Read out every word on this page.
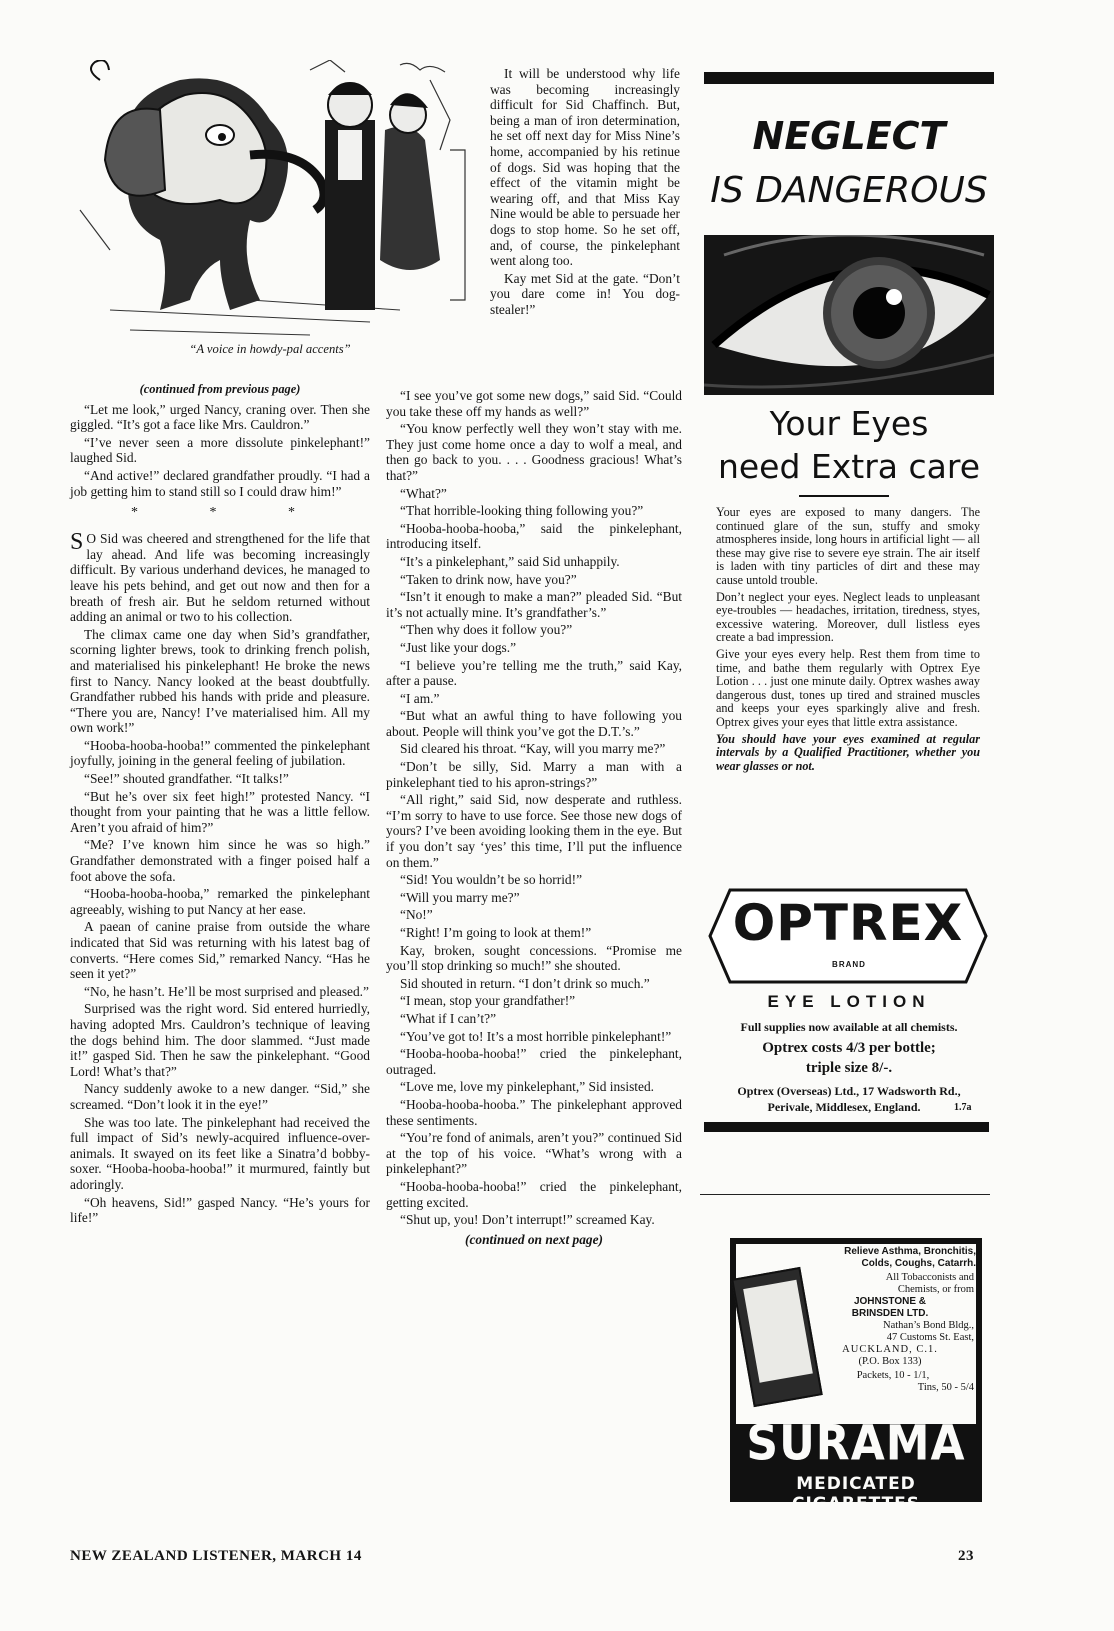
“A voice in howdy-pal accents”

(continued from previous page)

“Let me look,” urged Nancy, craning over. Then she giggled. “It’s got a face like Mrs. Cauldron.”

“I’ve never seen a more dissolute pinkelephant!” laughed Sid.

“And active!” declared grandfather proudly. “I had a job getting him to stand still so I could draw him!”

* * *

S O Sid was cheered and strengthened for the life that lay ahead. And life was becoming increasingly difficult. By various underhand devices, he managed to leave his pets behind, and get out now and then for a breath of fresh air. But he seldom returned without adding an animal or two to his collection.

The climax came one day when Sid’s grandfather, scorning lighter brews, took to drinking french polish, and materialised his pinkelephant! He broke the news first to Nancy. Nancy looked at the beast doubtfully. Grandfather rubbed his hands with pride and pleasure. “There you are, Nancy! I’ve materialised him. All my own work!”

“Hooba-hooba-hooba!” commented the pinkelephant joyfully, joining in the general feeling of jubilation.

“See!” shouted grandfather. “It talks!”

“But he’s over six feet high!” protested Nancy. “I thought from your painting that he was a little fellow. Aren’t you afraid of him?”

“Me? I’ve known him since he was so high.” Grandfather demonstrated with a finger poised half a foot above the sofa.

“Hooba-hooba-hooba,” remarked the pinkelephant agreeably, wishing to put Nancy at her ease.

A paean of canine praise from outside the whare indicated that Sid was returning with his latest bag of converts. “Here comes Sid,” remarked Nancy. “Has he seen it yet?”

“No, he hasn’t. He’ll be most surprised and pleased.”

Surprised was the right word. Sid entered hurriedly, having adopted Mrs. Cauldron’s technique of leaving the dogs behind him. The door slammed. “Just made it!” gasped Sid. Then he saw the pinkelephant. “Good Lord! What’s that?”

Nancy suddenly awoke to a new danger. “Sid,” she screamed. “Don’t look it in the eye!”

She was too late. The pinkelephant had received the full impact of Sid’s newly-acquired influence-over-animals. It swayed on its feet like a Sinatra’d bobby-soxer. “Hooba-hooba-hooba!” it murmured, faintly but adoringly.

“Oh heavens, Sid!” gasped Nancy. “He’s yours for life!”

It will be understood why life was becoming increasingly difficult for Sid Chaffinch. But, being a man of iron determination, he set off next day for Miss Nine’s home, accompanied by his retinue of dogs. Sid was hoping that the effect of the vitamin might be wearing off, and that Miss Kay Nine would be able to persuade her dogs to stop home. So he set off, and, of course, the pinkelephant went along too.

Kay met Sid at the gate. “Don’t you dare come in! You dog-stealer!”

“I see you’ve got some new dogs,” said Sid. “Could you take these off my hands as well?”

“You know perfectly well they won’t stay with me. They just come home once a day to wolf a meal, and then go back to you. . . . Goodness gracious! What’s that?”

“What?”

“That horrible-looking thing following you?”

“Hooba-hooba-hooba,” said the pinkelephant, introducing itself.

“It’s a pinkelephant,” said Sid unhappily.

“Taken to drink now, have you?”

“Isn’t it enough to make a man?” pleaded Sid. “But it’s not actually mine. It’s grandfather’s.”

“Then why does it follow you?”

“Just like your dogs.”

“I believe you’re telling me the truth,” said Kay, after a pause.

“I am.”

“But what an awful thing to have following you about. People will think you’ve got the D.T.’s.”

Sid cleared his throat. “Kay, will you marry me?”

“Don’t be silly, Sid. Marry a man with a pinkelephant tied to his apron-strings?”

“All right,” said Sid, now desperate and ruthless. “I’m sorry to have to use force. See those new dogs of yours? I’ve been avoiding looking them in the eye. But if you don’t say ‘yes’ this time, I’ll put the influence on them.”

“Sid! You wouldn’t be so horrid!”

“Will you marry me?”

“No!”

“Right! I’m going to look at them!”

Kay, broken, sought concessions. “Promise me you’ll stop drinking so much!” she shouted.

Sid shouted in return. “I don’t drink so much.”

“I mean, stop your grandfather!”

“What if I can’t?”

“You’ve got to! It’s a most horrible pinkelephant!”

“Hooba-hooba-hooba!” cried the pinkelephant, outraged.

“Love me, love my pinkelephant,” Sid insisted.

“Hooba-hooba-hooba.” The pinkelephant approved these sentiments.

“You’re fond of animals, aren’t you?” continued Sid at the top of his voice. “What’s wrong with a pinkelephant?”

“Hooba-hooba-hooba!” cried the pinkelephant, getting excited.

“Shut up, you! Don’t interrupt!” screamed Kay.

(continued on next page)

NEGLECT
IS DANGEROUS
Your Eyes
need Extra care

Your eyes are exposed to many dangers. The continued glare of the sun, stuffy and smoky atmospheres inside, long hours in artificial light — all these may give rise to severe eye strain. The air itself is laden with tiny particles of dirt and these may cause untold trouble.

Don’t neglect your eyes. Neglect leads to unpleasant eye-troubles — headaches, irritation, tiredness, styes, excessive watering. Moreover, dull listless eyes create a bad impression.

Give your eyes every help. Rest them from time to time, and bathe them regularly with Optrex Eye Lotion . . . just one minute daily. Optrex washes away dangerous dust, tones up tired and strained muscles and keeps your eyes sparkingly alive and fresh. Optrex gives your eyes that little extra assistance.

You should have your eyes examined at regular intervals by a Qualified Practitioner, whether you wear glasses or not.

OPTREX
BRAND
EYE LOTION
Full supplies now available at all chemists.
Optrex costs 4/3 per bottle;
triple size 8/-.
Optrex (Overseas) Ltd., 17 Wadsworth Rd.,
Perivale, Middlesex, England.	1.7a
Relieve Asthma, Bronchitis,
Colds, Coughs, Catarrh.
All Tobacconists and
Chemists, or from
JOHNSTONE &
BRINSDEN LTD.
Nathan’s Bond Bldg.,
47 Customs St. East,
AUCKLAND, C.1.
(P.O. Box 133)
Packets, 10 - 1/1,
Tins, 50 - 5/4
SURAMA
MEDICATED CIGARETTES
NEW ZEALAND LISTENER, MARCH 14	23
